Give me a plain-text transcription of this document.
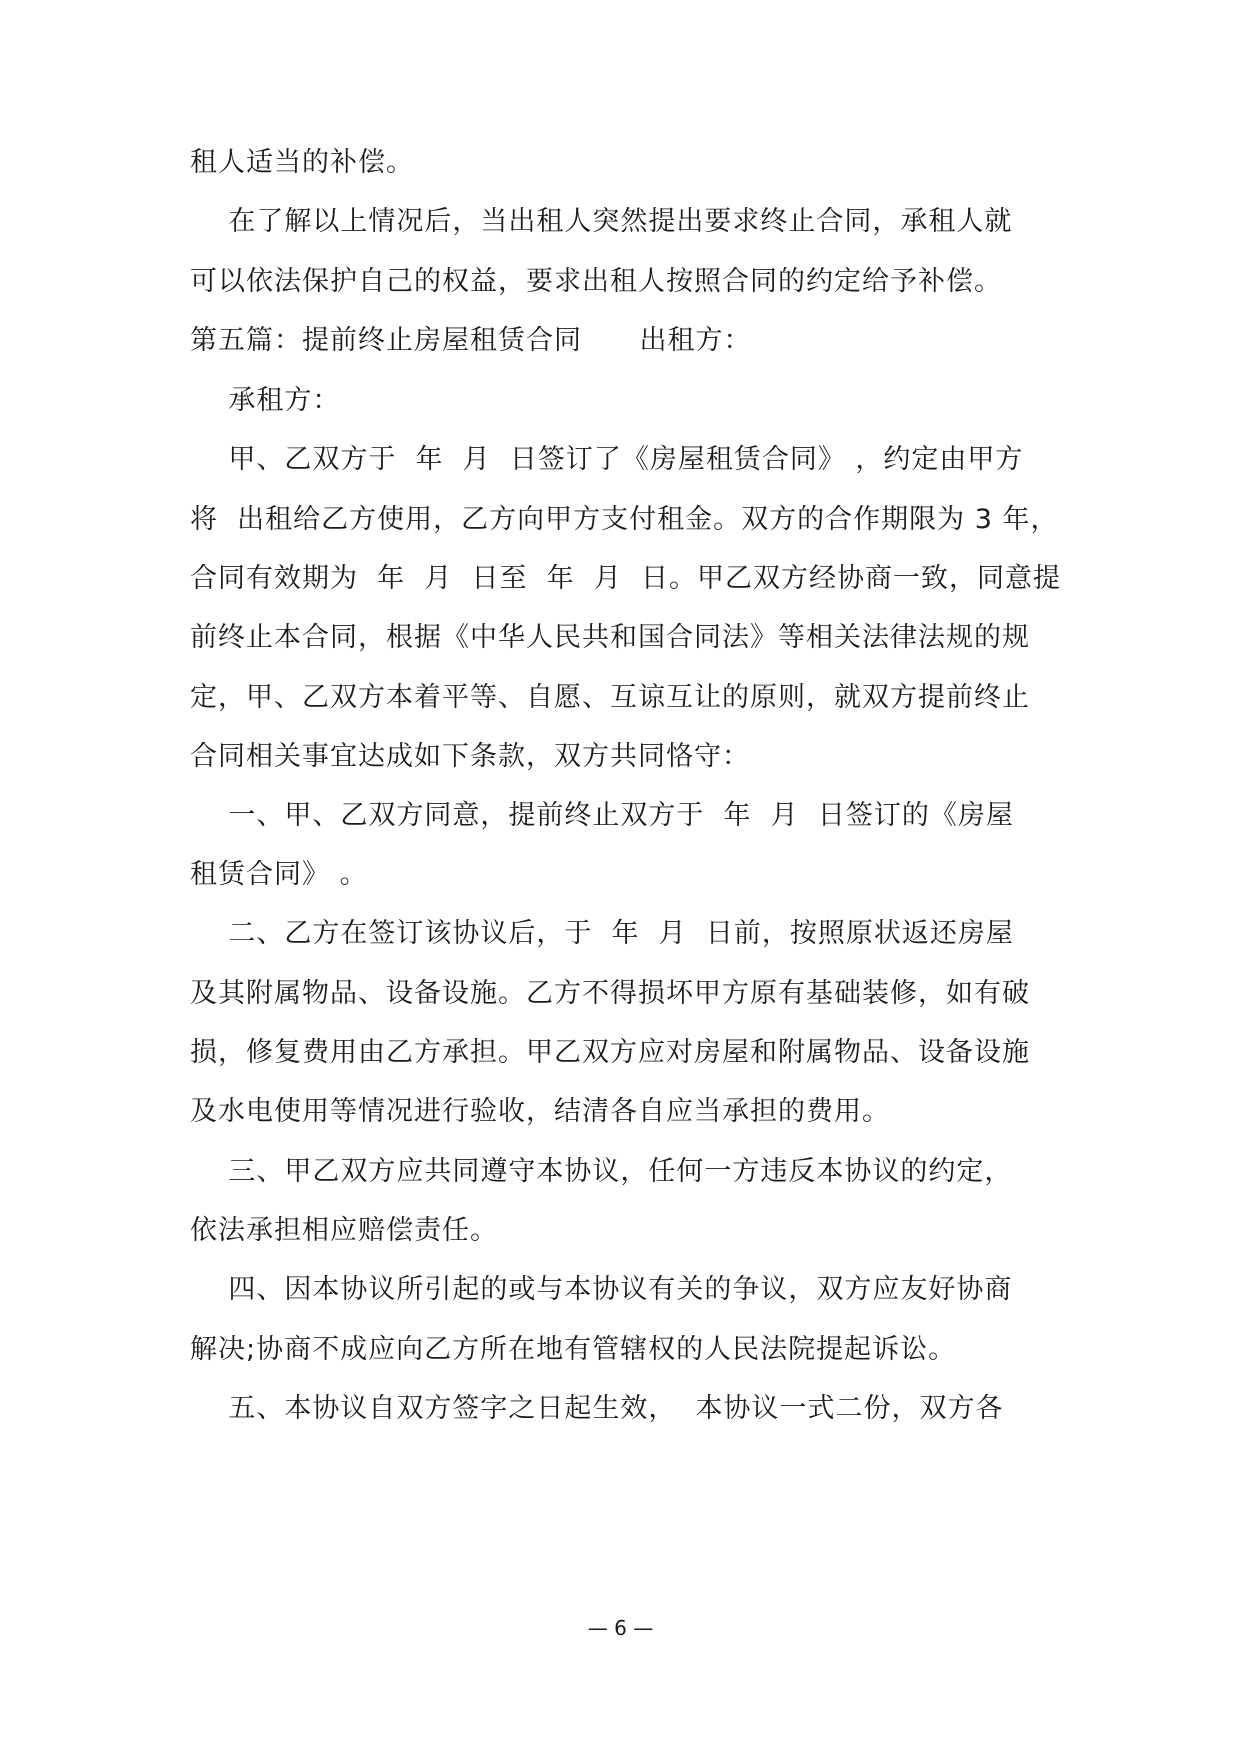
租人适当的补偿。
在了解以上情况后，当出租人突然提出要求终止合同，承租人就
可以依法保护自己的权益，要求出租人按照合同的约定给予补偿。
第五篇：提前终止房屋租赁合同      出租方：
承租方：
甲、乙双方于  年  月  日签订了《房屋租赁合同》 ，约定由甲方
将  出租给乙方使用，乙方向甲方支付租金。双方的合作期限为 3 年，
合同有效期为  年  月  日至  年  月  日。甲乙双方经协商一致，同意提
前终止本合同，根据《中华人民共和国合同法》等相关法律法规的规
定，甲、乙双方本着平等、自愿、互谅互让的原则，就双方提前终止
合同相关事宜达成如下条款，双方共同恪守：
一、甲、乙双方同意，提前终止双方于  年  月  日签订的《房屋
租赁合同》 。
二、乙方在签订该协议后，于  年  月  日前，按照原状返还房屋
及其附属物品、设备设施。乙方不得损坏甲方原有基础装修，如有破
损，修复费用由乙方承担。甲乙双方应对房屋和附属物品、设备设施
及水电使用等情况进行验收，结清各自应当承担的费用。
三、甲乙双方应共同遵守本协议，任何一方违反本协议的约定，
依法承担相应赔偿责任。
四、因本协议所引起的或与本协议有关的争议，双方应友好协商
解决;协商不成应向乙方所在地有管辖权的人民法院提起诉讼。
五、本协议自双方签字之日起生效，  本协议一式二份，双方各
— 6 —
